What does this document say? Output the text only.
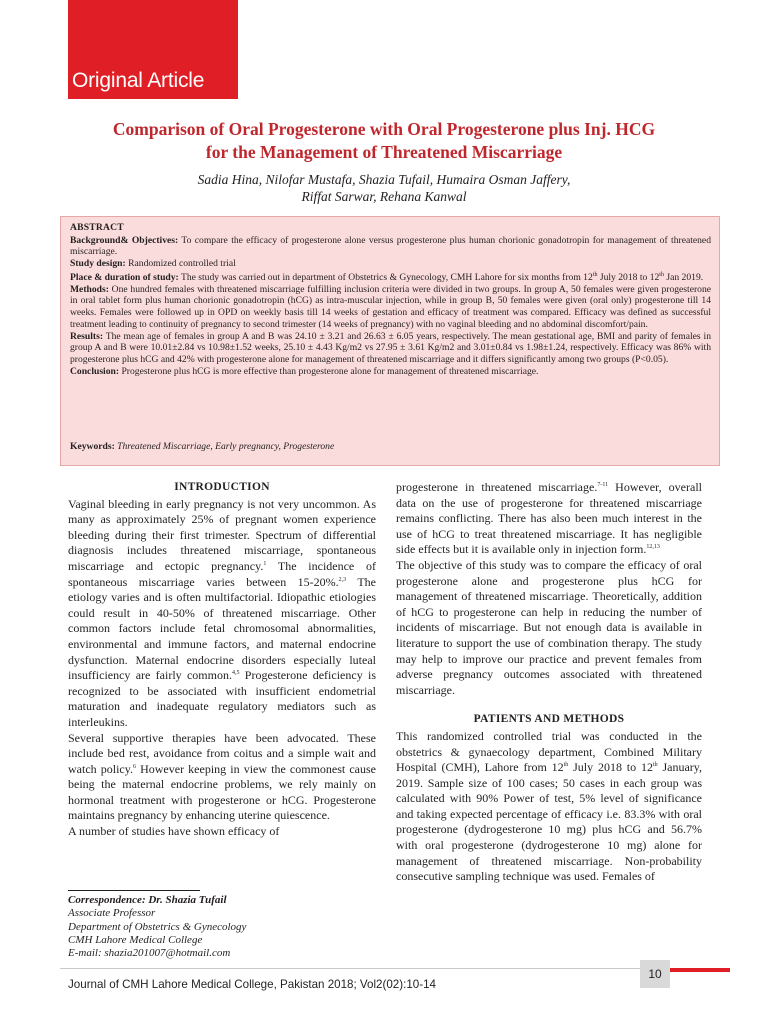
Original Article
Comparison of Oral Progesterone with Oral Progesterone plus Inj. HCG
for the Management of Threatened Miscarriage
Sadia Hina, Nilofar Mustafa, Shazia Tufail, Humaira Osman Jaffery,
Riffat Sarwar, Rehana Kanwal
ABSTRACT

Background& Objectives: To compare the efficacy of progesterone alone versus progesterone plus human chorionic gonadotropin for management of threatened miscarriage.

Study design: Randomized controlled trial

Place & duration of study: The study was carried out in department of Obstetrics & Gynecology, CMH Lahore for six months from 12th July 2018 to 12th Jan 2019.

Methods: One hundred females with threatened miscarriage fulfilling inclusion criteria were divided in two groups. In group A, 50 females were given progesterone in oral tablet form plus human chorionic gonadotropin (hCG) as intra-muscular injection, while in group B, 50 females were given (oral only) progesterone till 14 weeks. Females were followed up in OPD on weekly basis till 14 weeks of gestation and efficacy of treatment was compared. Efficacy was defined as successful treatment leading to continuity of pregnancy to second trimester (14 weeks of pregnancy) with no vaginal bleeding and no abdominal discomfort/pain.

Results: The mean age of females in group A and B was 24.10 ± 3.21 and 26.63 ± 6.05 years, respectively. The mean gestational age, BMI and parity of females in group A and B were 10.01±2.84 vs 10.98±1.52 weeks, 25.10 ± 4.43 Kg/m2 vs 27.95 ± 3.61 Kg/m2 and 3.01±0.84 vs 1.98±1.24, respectively. Efficacy was 86% with progesterone plus hCG and 42% with progesterone alone for management of threatened miscarriage and it differs significantly among two groups (P<0.05).

Conclusion: Progesterone plus hCG is more effective than progesterone alone for management of threatened miscarriage.

Keywords: Threatened Miscarriage, Early pregnancy, Progesterone
INTRODUCTION

Vaginal bleeding in early pregnancy is not very uncommon. As many as approximately 25% of pregnant women experience bleeding during their first trimester. Spectrum of differential diagnosis includes threatened miscarriage, spontaneous miscarriage and ectopic pregnancy.$^1$ The incidence of spontaneous miscarriage varies between 15-20%.$^{2,3}$ The etiology varies and is often multifactorial. Idiopathic etiologies could result in 40-50% of threatened miscarriage. Other common factors include fetal chromosomal abnormalities, environmental and immune factors, and maternal endocrine dysfunction. Maternal endocrine disorders especially luteal insufficiency are fairly common.$^{4,5}$ Progesterone deficiency is recognized to be associated with insufficient endometrial maturation and inadequate regulatory mediators such as interleukins.

Several supportive therapies have been advocated. These include bed rest, avoidance from coitus and a simple wait and watch policy.$^6$ However keeping in view the commonest cause being the maternal endocrine problems, we rely mainly on hormonal treatment with progesterone or hCG. Progesterone maintains pregnancy by enhancing uterine quiescence.

A number of studies have shown efficacy of

progesterone in threatened miscarriage.$^{7-11}$ However, overall data on the use of progesterone for threatened miscarriage remains conflicting. There has also been much interest in the use of hCG to treat threatened miscarriage. It has negligible side effects but it is available only in injection form.$^{12,13}$

The objective of this study was to compare the efficacy of oral progesterone alone and progesterone plus hCG for management of threatened miscarriage. Theoretically, addition of hCG to progesterone can help in reducing the number of incidents of miscarriage. But not enough data is available in literature to support the use of combination therapy. The study may help to improve our practice and prevent females from adverse pregnancy outcomes associated with threatened miscarriage.

PATIENTS AND METHODS

This randomized controlled trial was conducted in the obstetrics & gynaecology department, Combined Military Hospital (CMH), Lahore from 12th July 2018 to 12th January, 2019. Sample size of 100 cases; 50 cases in each group was calculated with 90% Power of test, 5% level of significance and taking expected percentage of efficacy i.e. 83.3% with oral progesterone (dydrogesterone 10 mg) plus hCG and 56.7% with oral progesterone (dydrogesterone 10 mg) alone for management of threatened miscarriage. Non-probability consecutive sampling technique was used. Females of

Correspondence: Dr. Shazia Tufail
Associate Professor
Department of Obstetrics & Gynecology
CMH Lahore Medical College
E-mail: shazia201007@hotmail.com
10
Journal of CMH Lahore Medical College, Pakistan 2018; Vol2(02):10-14
